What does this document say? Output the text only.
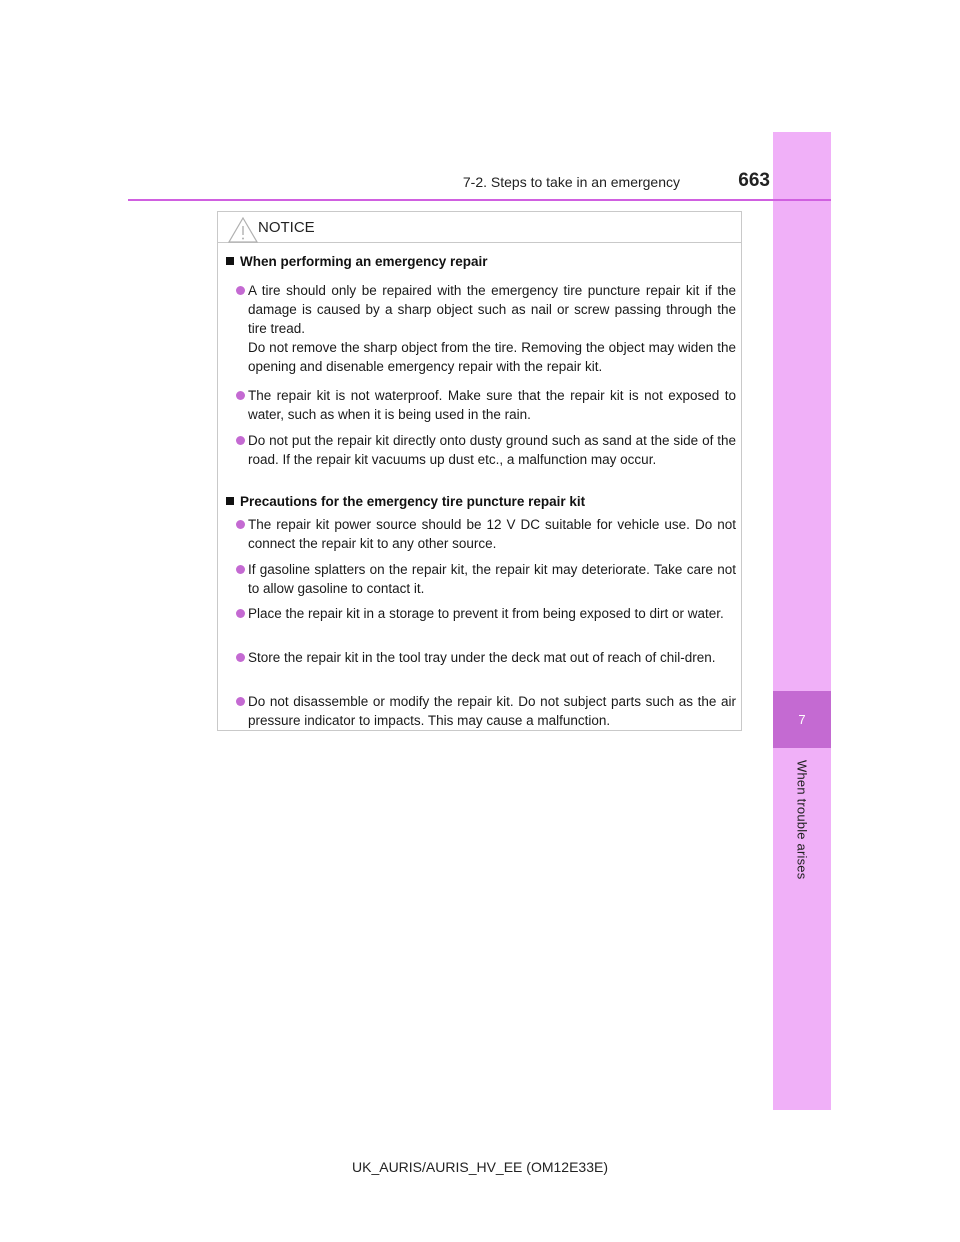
7
When trouble arises
7-2. Steps to take in an emergency	663
NOTICE
When performing an emergency repair

A tire should only be repaired with the emergency tire puncture repair kit if the damage is caused by a sharp object such as nail or screw passing through the tire tread.

Do not remove the sharp object from the tire. Removing the object may widen the opening and disenable emergency repair with the repair kit.

The repair kit is not waterproof. Make sure that the repair kit is not exposed to water, such as when it is being used in the rain.

Do not put the repair kit directly onto dusty ground such as sand at the side of the road. If the repair kit vacuums up dust etc., a malfunction may occur.

Precautions for the emergency tire puncture repair kit

The repair kit power source should be 12 V DC suitable for vehicle use. Do not connect the repair kit to any other source.

If gasoline splatters on the repair kit, the repair kit may deteriorate. Take care not to allow gasoline to contact it.

Place the repair kit in a storage to prevent it from being exposed to dirt or water.

Store the repair kit in the tool tray under the deck mat out of reach of chil-dren.

Do not disassemble or modify the repair kit. Do not subject parts such as the air pressure indicator to impacts. This may cause a malfunction.

UK_AURIS/AURIS_HV_EE (OM12E33E)
